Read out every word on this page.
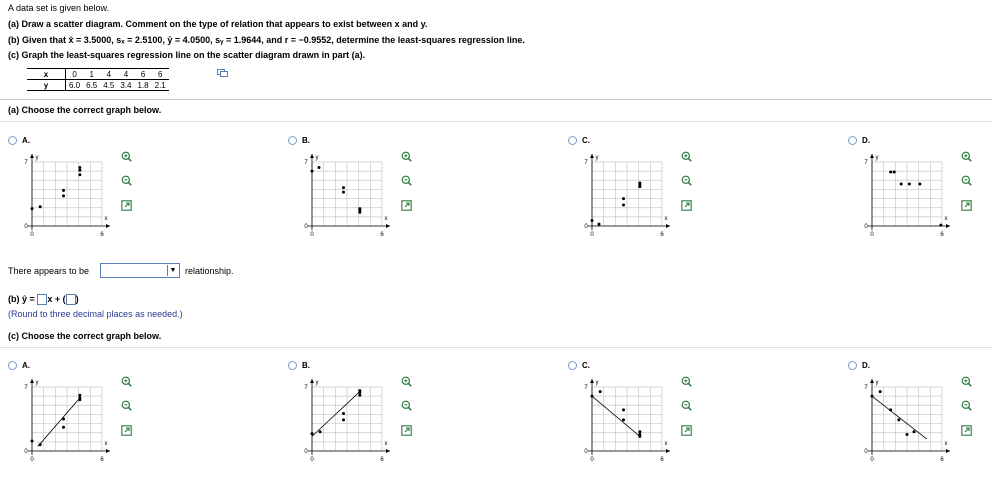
A data set is given below.
(a) Draw a scatter diagram. Comment on the type of relation that appears to exist between x and y.
(b) Given that x̄ = 3.5000, sₓ = 2.5100, ȳ = 4.0500, sᵧ = 1.9644, and r = −0.9552, determine the least-squares regression line.
(c) Graph the least-squares regression line on the scatter diagram drawn in part (a).
x	0	1	4	4	6	6
y	6.0	6.5	4.5	3.4	1.8	2.1
(a) Choose the correct graph below.
There appears to be	▼ relationship.
(b) ŷ = x + ( )
(Round to three decimal places as needed.)
(c) Choose the correct graph below.
A.
7
0
0	6
x
y
B.
7
0
0	6
x
y
C.
7
0
0	6
x
y
D.
7
0
0	6
x
y
A.
7
0
0	6
x
y
B.
7
0
0	6
x
y
C.
7
0
0	6
x
y
D.
7
0
0	6
x
y
